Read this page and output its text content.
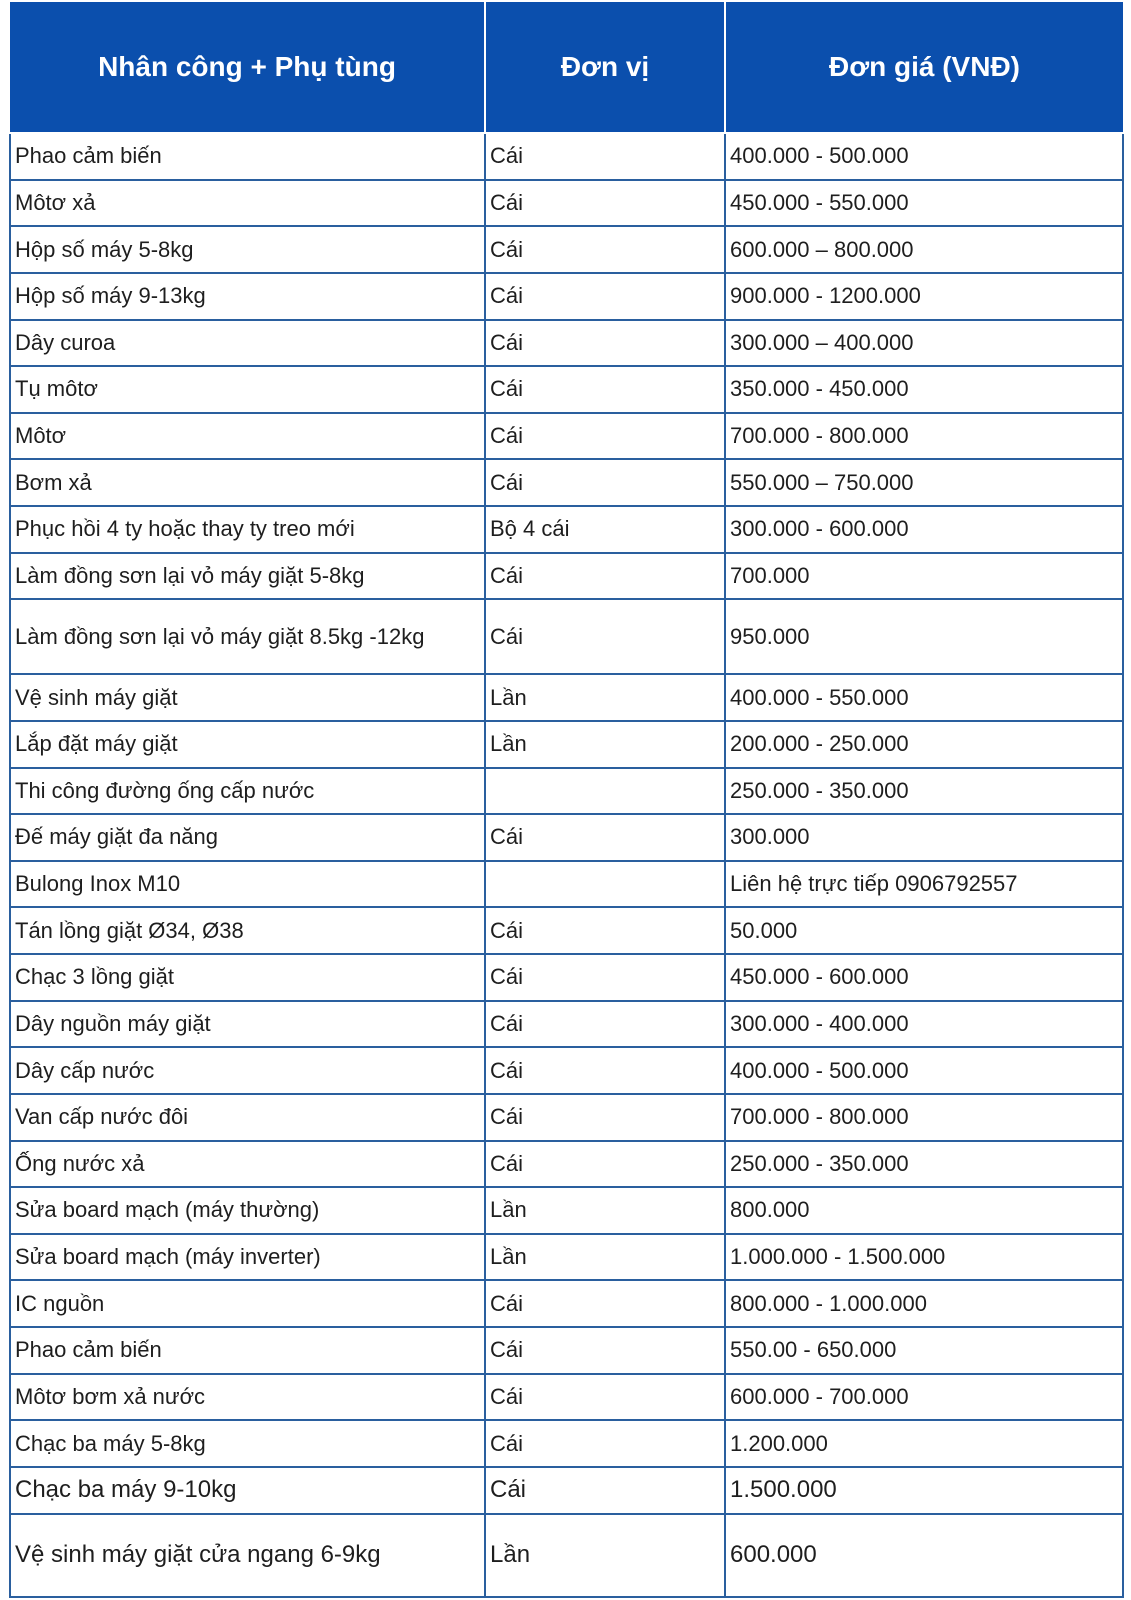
Nhân công + Phụ tùng	Đơn vị	Đơn giá (VNĐ)
Phao cảm biến	Cái	400.000 - 500.000
Môtơ xả	Cái	450.000 - 550.000
Hộp số máy 5-8kg	Cái	600.000 – 800.000
Hộp số máy 9-13kg	Cái	900.000 - 1200.000
Dây curoa	Cái	300.000 – 400.000
Tụ môtơ	Cái	350.000 - 450.000
Môtơ	Cái	700.000 - 800.000
Bơm xả	Cái	550.000 – 750.000
Phục hồi 4 ty hoặc thay ty treo mới	Bộ 4 cái	300.000 - 600.000
Làm đồng sơn lại vỏ máy giặt 5-8kg	Cái	700.000
Làm đồng sơn lại vỏ máy giặt 8.5kg -12kg	Cái	950.000
Vệ sinh máy giặt	Lần	400.000 - 550.000
Lắp đặt máy giặt	Lần	200.000 - 250.000
Thi công đường ống cấp nước		250.000 - 350.000
Đế máy giặt đa năng	Cái	300.000
Bulong Inox M10		Liên hệ trực tiếp 0906792557
Tán lồng giặt Ø34, Ø38	Cái	50.000
Chạc 3 lồng giặt	Cái	450.000 - 600.000
Dây nguồn máy giặt	Cái	300.000 - 400.000
Dây cấp nước	Cái	400.000 - 500.000
Van cấp nước đôi	Cái	700.000 - 800.000
Ống nước xả	Cái	250.000 - 350.000
Sửa board mạch (máy thường)	Lần	800.000
Sửa board mạch (máy inverter)	Lần	1.000.000 - 1.500.000
IC nguồn	Cái	800.000 - 1.000.000
Phao cảm biến	Cái	550.00 - 650.000
Môtơ bơm xả nước	Cái	600.000 - 700.000
Chạc ba máy 5-8kg	Cái	1.200.000
Chạc ba máy 9-10kg	Cái	1.500.000
Vệ sinh máy giặt cửa ngang 6-9kg	Lần	600.000
